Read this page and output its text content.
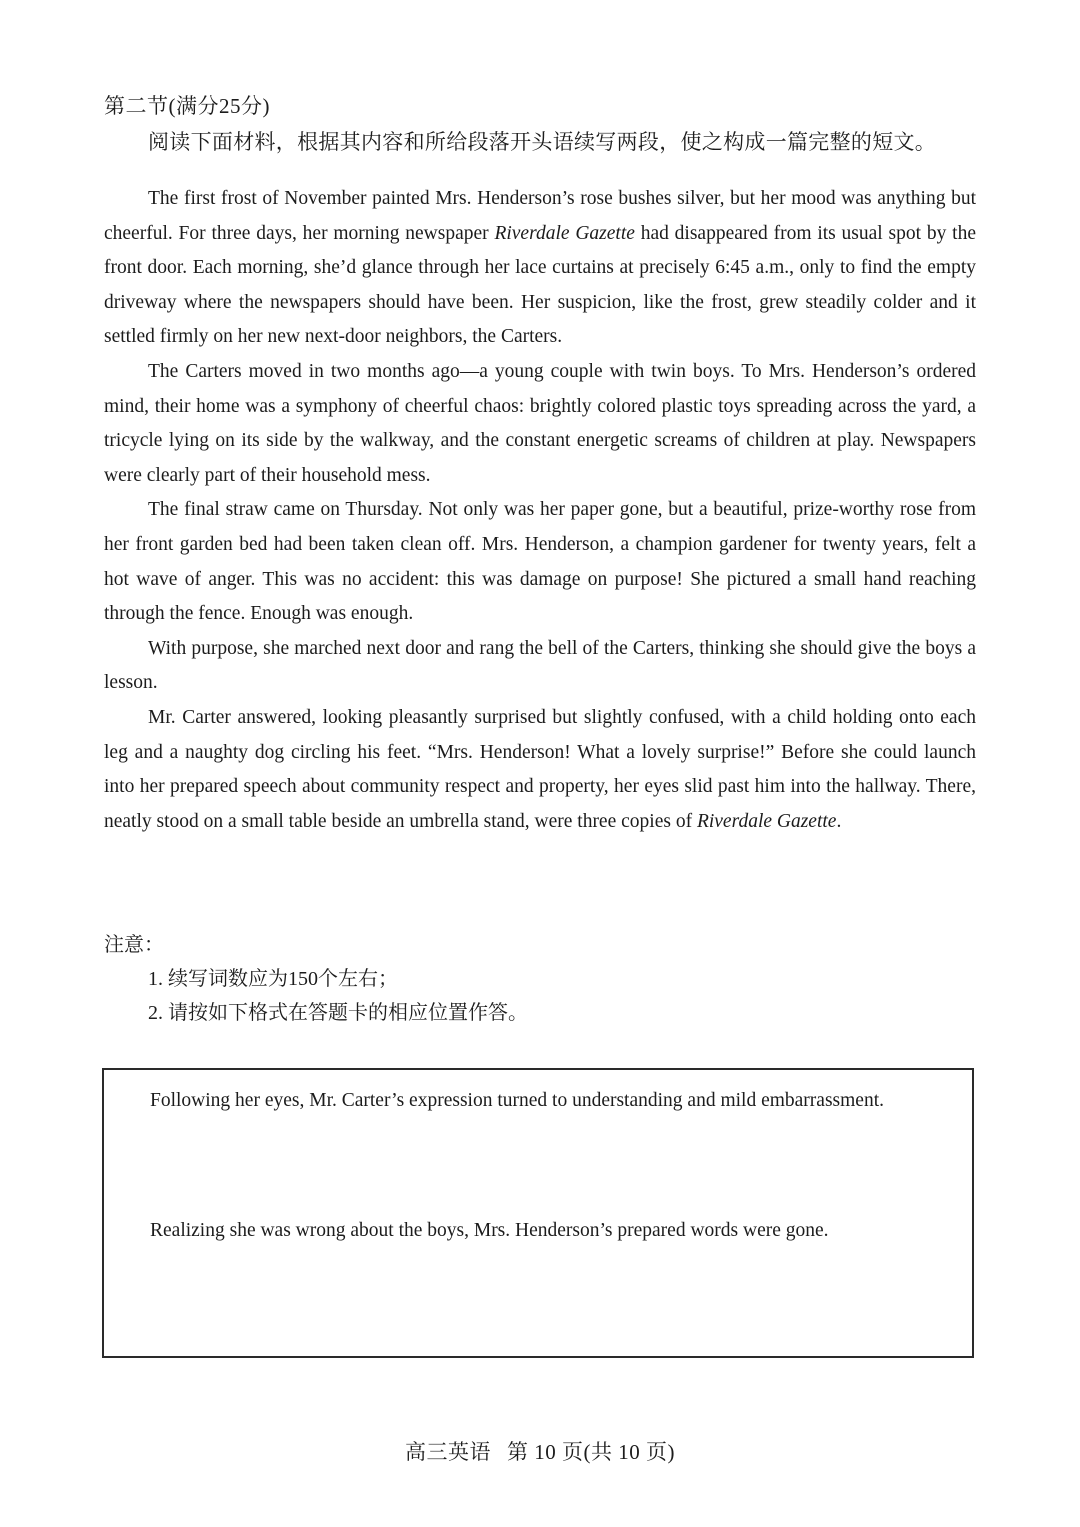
第二节(满分25分)
阅读下面材料，根据其内容和所给段落开头语续写两段，使之构成一篇完整的短文。

The first frost of November painted Mrs. Henderson’s rose bushes silver, but her mood was anything but cheerful. For three days, her morning newspaper Riverdale Gazette had disappeared from its usual spot by the front door. Each morning, she’d glance through her lace curtains at precisely 6:45 a.m., only to find the empty driveway where the newspapers should have been. Her suspicion, like the frost, grew steadily colder and it settled firmly on her new next-door neighbors, the Carters.

The Carters moved in two months ago—a young couple with twin boys. To Mrs. Henderson’s ordered mind, their home was a symphony of cheerful chaos: brightly colored plastic toys spreading across the yard, a tricycle lying on its side by the walkway, and the constant energetic screams of children at play. Newspapers were clearly part of their household mess.

The final straw came on Thursday. Not only was her paper gone, but a beautiful, prize-worthy rose from her front garden bed had been taken clean off. Mrs. Henderson, a champion gardener for twenty years, felt a hot wave of anger. This was no accident: this was damage on purpose! She pictured a small hand reaching through the fence. Enough was enough.

With purpose, she marched next door and rang the bell of the Carters, thinking she should give the boys a lesson.

Mr. Carter answered, looking pleasantly surprised but slightly confused, with a child holding onto each leg and a naughty dog circling his feet. “Mrs. Henderson! What a lovely surprise!” Before she could launch into her prepared speech about community respect and property, her eyes slid past him into the hallway. There, neatly stood on a small table beside an umbrella stand, were three copies of Riverdale Gazette.

注意：
1. 续写词数应为150个左右；
2. 请按如下格式在答题卡的相应位置作答。
Following her eyes, Mr. Carter’s expression turned to understanding and mild embarrassment.
Realizing she was wrong about the boys, Mrs. Henderson’s prepared words were gone.
高三英语 第 10 页(共 10 页)
